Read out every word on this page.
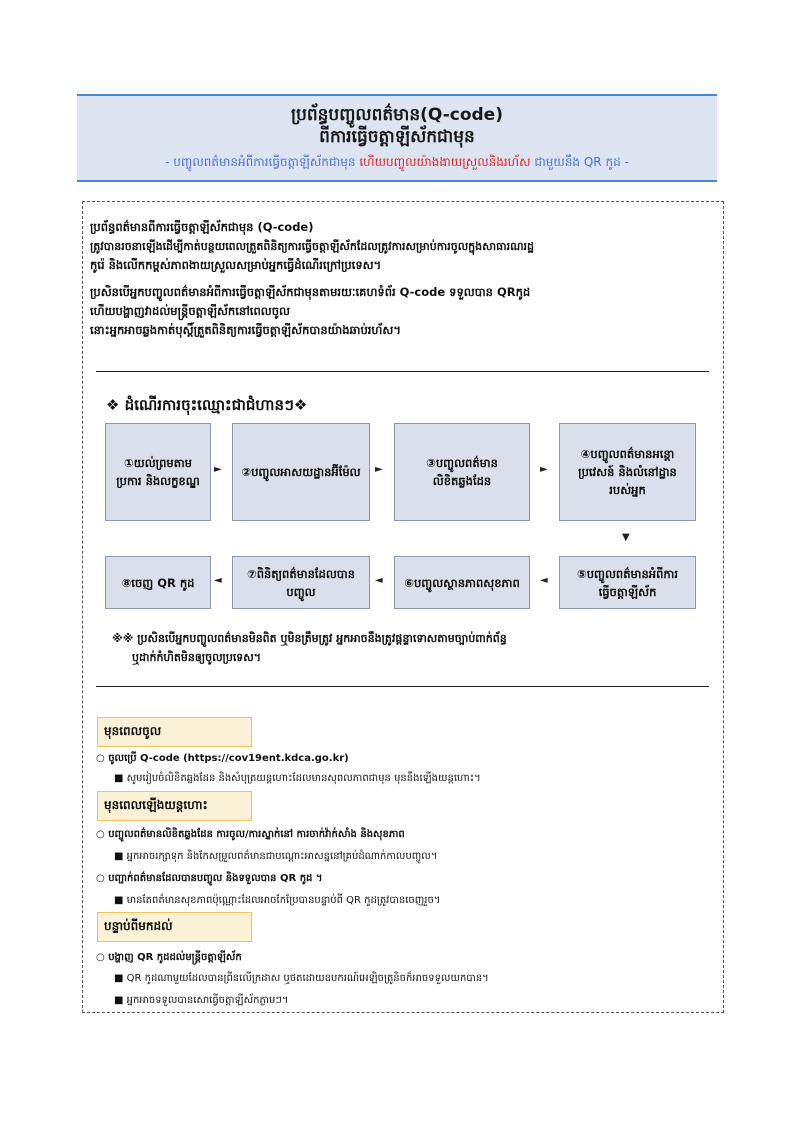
ប្រព័ន្ធបញ្ចូលពត៌មាន(Q-code)
ពីការធ្វើចត្តាឡីស័កជាមុន
- បញ្ចូលពត៌មានអំពីការធ្វើចត្តាឡីស័កជាមុន ហើយបញ្ចូលយ៉ាងងាយស្រួលនិងរហ័ស ជាមួយនឹង QR កូដ -

ប្រព័ន្ធពត៌មានពីការធ្វើចត្តាឡីស័កជាមុន (Q-code)

ត្រូវបានរចនាឡើងដើម្បីកាត់បន្ថយពេលត្រួតពិនិត្យការធ្វើចត្តាឡីស័កដែលត្រូវការសម្រាប់ការចូលក្នុងសាធារណរដ្ឋ

កូរ៉េ និងលើកកម្ពស់ភាពងាយស្រួលសម្រាប់អ្នកធ្វើដំណើរក្រៅប្រទេស។

ប្រសិនបើអ្នកបញ្ចូលពត៌មានអំពីការធ្វើចត្តាឡីស័កជាមុនតាមរយៈគេហទំព័រ Q-code ទទួលបាន QRកូដ

ហើយបង្ហាញវាដល់មន្ត្រីចត្តាឡីស័កនៅពេលចូល

នោះអ្នកអាចឆ្លងកាត់បុស្តិ៍ត្រួតពិនិត្យការធ្វើចត្តាឡីស័កបានយ៉ាងឆាប់រហ័ស។

❖ ដំណើរការចុះឈ្មោះជាជំហានៗ❖
①យល់ព្រមតាម ប្រការ និងលក្ខខណ្ឌ
►	②បញ្ចូលអាសយដ្ឋានអ៊ីម៉ែល	►	③បញ្ចូលពត៌មានលិខិតឆ្លងដែន
►
④បញ្ចូលពត៌មានអន្តោប្រវេសន៍ និងលំនៅដ្ឋានរបស់អ្នក
▼
⑧ចេញ QR កូដ	◄	⑦ពិនិត្យពត៌មានដែលបានបញ្ចូល
◄	⑥បញ្ចូលស្ថានភាពសុខភាព	◄	⑤បញ្ចូលពត៌មានអំពីការធ្វើចត្តាឡីស័ក
※※ ប្រសិនបើអ្នកបញ្ចូលពត៌មានមិនពិត ឬមិនត្រឹមត្រូវ អ្នកអាចនឹងត្រូវផ្តន្ទាទោសតាមច្បាប់ពាក់ព័ន្ធ
ឬដាក់កំហិតមិនឲ្យចូលប្រទេស។
មុនពេលចូល
○ ចូលប្រើ Q-code (https://cov19ent.kdca.go.kr)
■ សូមរៀបចំលិខិតឆ្លងដែន និងសំបុត្រយន្តហោះដែលមានសុពលភាពជាមុន មុននឹងឡើងយន្តហោះ។
មុនពេលឡើងយន្តហោះ
○ បញ្ចូលពត៌មានលិខិតឆ្លងដែន ការចូល/ការស្នាក់នៅ ការចាក់វ៉ាក់សាំង និងសុខភាព
■ អ្នកអាចរក្សាទុក និងកែសម្រួលពត៌មានជាបណ្តោះអាសន្ននៅគ្រប់ដំណាក់កាលបញ្ចូល។
○ បញ្ជាក់ពត៌មានដែលបានបញ្ចូល និងទទួលបាន QR កូដ ។
■ មានតែពត៌មានសុខភាពប៉ុណ្ណោះដែលអាចកែប្រែបានបន្ទាប់ពី QR កូដត្រូវបានចេញរួច។
បន្ទាប់ពីមកដល់
○ បង្ហាញ QR កូដដល់មន្ត្រីចត្តាឡីស័ក
■ QR កូដណាមួយដែលបានព្រីនលើក្រដាស ឬថតដោយឧបករណ៍អេឡិចត្រូនិចក៏អាចទទួលយកបាន។
■ អ្នកអាចទទួលបានសោធ្វើចត្តាឡីស័កភ្លាមៗ។
